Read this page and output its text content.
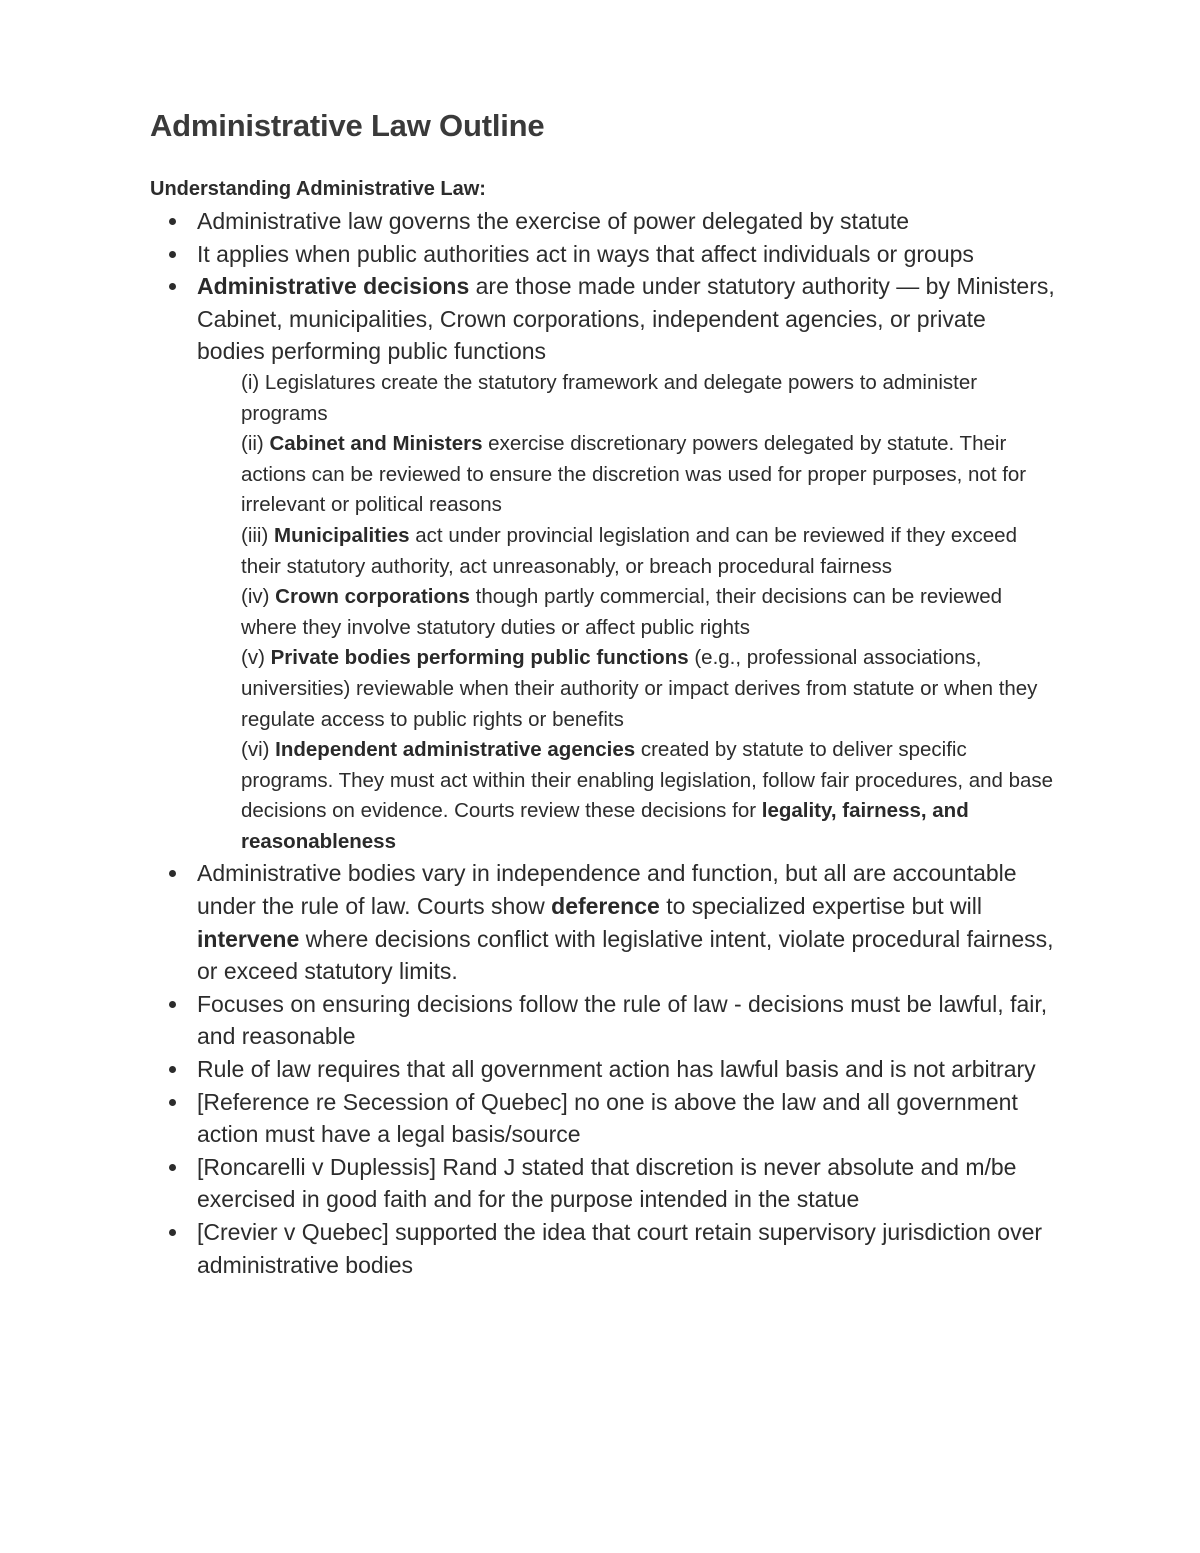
Administrative Law Outline
Understanding Administrative Law:
Administrative law governs the exercise of power delegated by statute
It applies when public authorities act in ways that affect individuals or groups
Administrative decisions are those made under statutory authority — by Ministers, Cabinet, municipalities, Crown corporations, independent agencies, or private bodies performing public functions
(i) Legislatures create the statutory framework and delegate powers to administer programs
(ii) Cabinet and Ministers exercise discretionary powers delegated by statute. Their actions can be reviewed to ensure the discretion was used for proper purposes, not for irrelevant or political reasons
(iii) Municipalities act under provincial legislation and can be reviewed if they exceed their statutory authority, act unreasonably, or breach procedural fairness
(iv) Crown corporations though partly commercial, their decisions can be reviewed where they involve statutory duties or affect public rights
(v) Private bodies performing public functions (e.g., professional associations, universities) reviewable when their authority or impact derives from statute or when they regulate access to public rights or benefits
(vi) Independent administrative agencies created by statute to deliver specific programs. They must act within their enabling legislation, follow fair procedures, and base decisions on evidence. Courts review these decisions for legality, fairness, and reasonableness
Administrative bodies vary in independence and function, but all are accountable under the rule of law. Courts show deference to specialized expertise but will intervene where decisions conflict with legislative intent, violate procedural fairness, or exceed statutory limits.
Focuses on ensuring decisions follow the rule of law - decisions must be lawful, fair, and reasonable
Rule of law requires that all government action has lawful basis and is not arbitrary
[Reference re Secession of Quebec] no one is above the law and all government action must have a legal basis/source
[Roncarelli v Duplessis] Rand J stated that discretion is never absolute and m/be exercised in good faith and for the purpose intended in the statue
[Crevier v Quebec] supported the idea that court retain supervisory jurisdiction over administrative bodies
